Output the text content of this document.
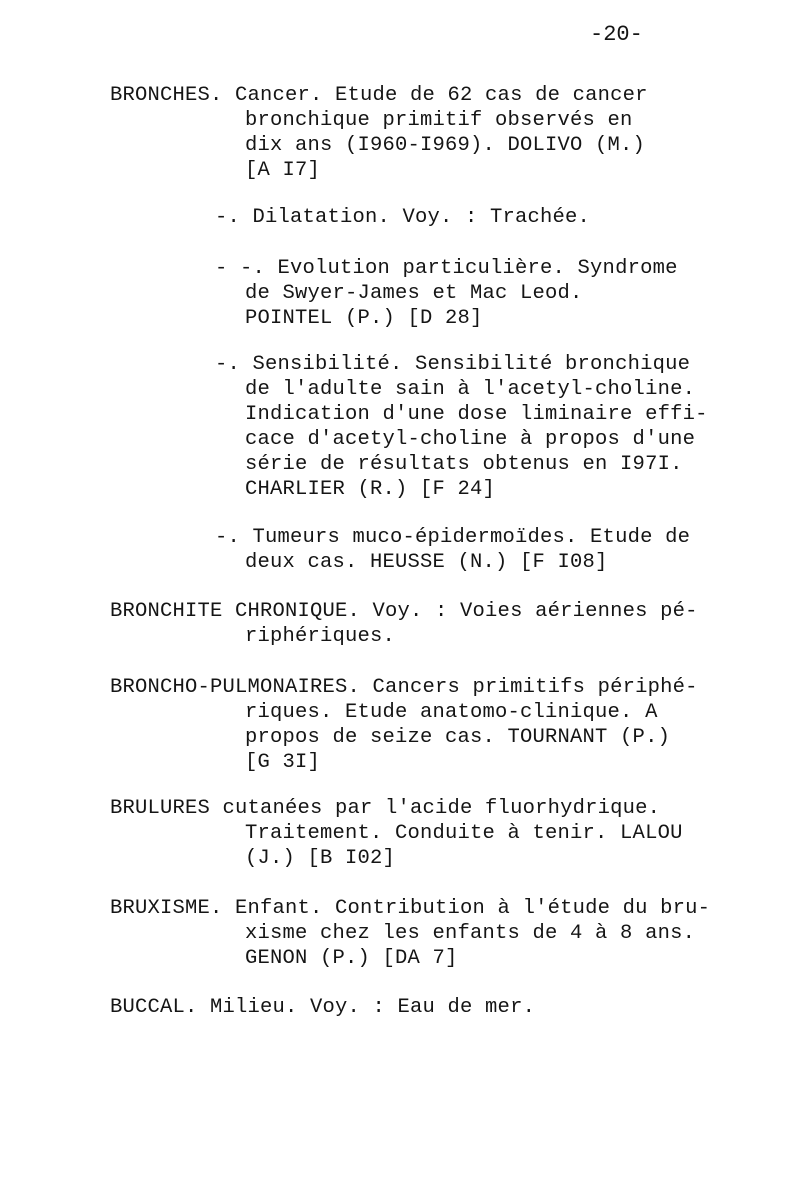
-20-
BRONCHES. Cancer. Etude de 62 cas de cancer
bronchique primitif observés en
dix ans (I960-I969). DOLIVO (M.)
[A I7]
-. Dilatation. Voy. : Trachée.
- -. Evolution particulière. Syndrome
de Swyer-James et Mac Leod.
POINTEL (P.) [D 28]
-. Sensibilité. Sensibilité bronchique
de l'adulte sain à l'acetyl-choline.
Indication d'une dose liminaire effi-
cace d'acetyl-choline à propos d'une
série de résultats obtenus en I97I.
CHARLIER (R.) [F 24]
-. Tumeurs muco-épidermoïdes. Etude de
deux cas. HEUSSE (N.) [F I08]
BRONCHITE CHRONIQUE. Voy. : Voies aériennes pé-
riphériques.
BRONCHO-PULMONAIRES. Cancers primitifs périphé-
riques. Etude anatomo-clinique. A
propos de seize cas. TOURNANT (P.)
[G 3I]
BRULURES cutanées par l'acide fluorhydrique.
Traitement. Conduite à tenir. LALOU
(J.) [B I02]
BRUXISME. Enfant. Contribution à l'étude du bru-
xisme chez les enfants de 4 à 8 ans.
GENON (P.) [DA 7]
BUCCAL. Milieu. Voy. : Eau de mer.
